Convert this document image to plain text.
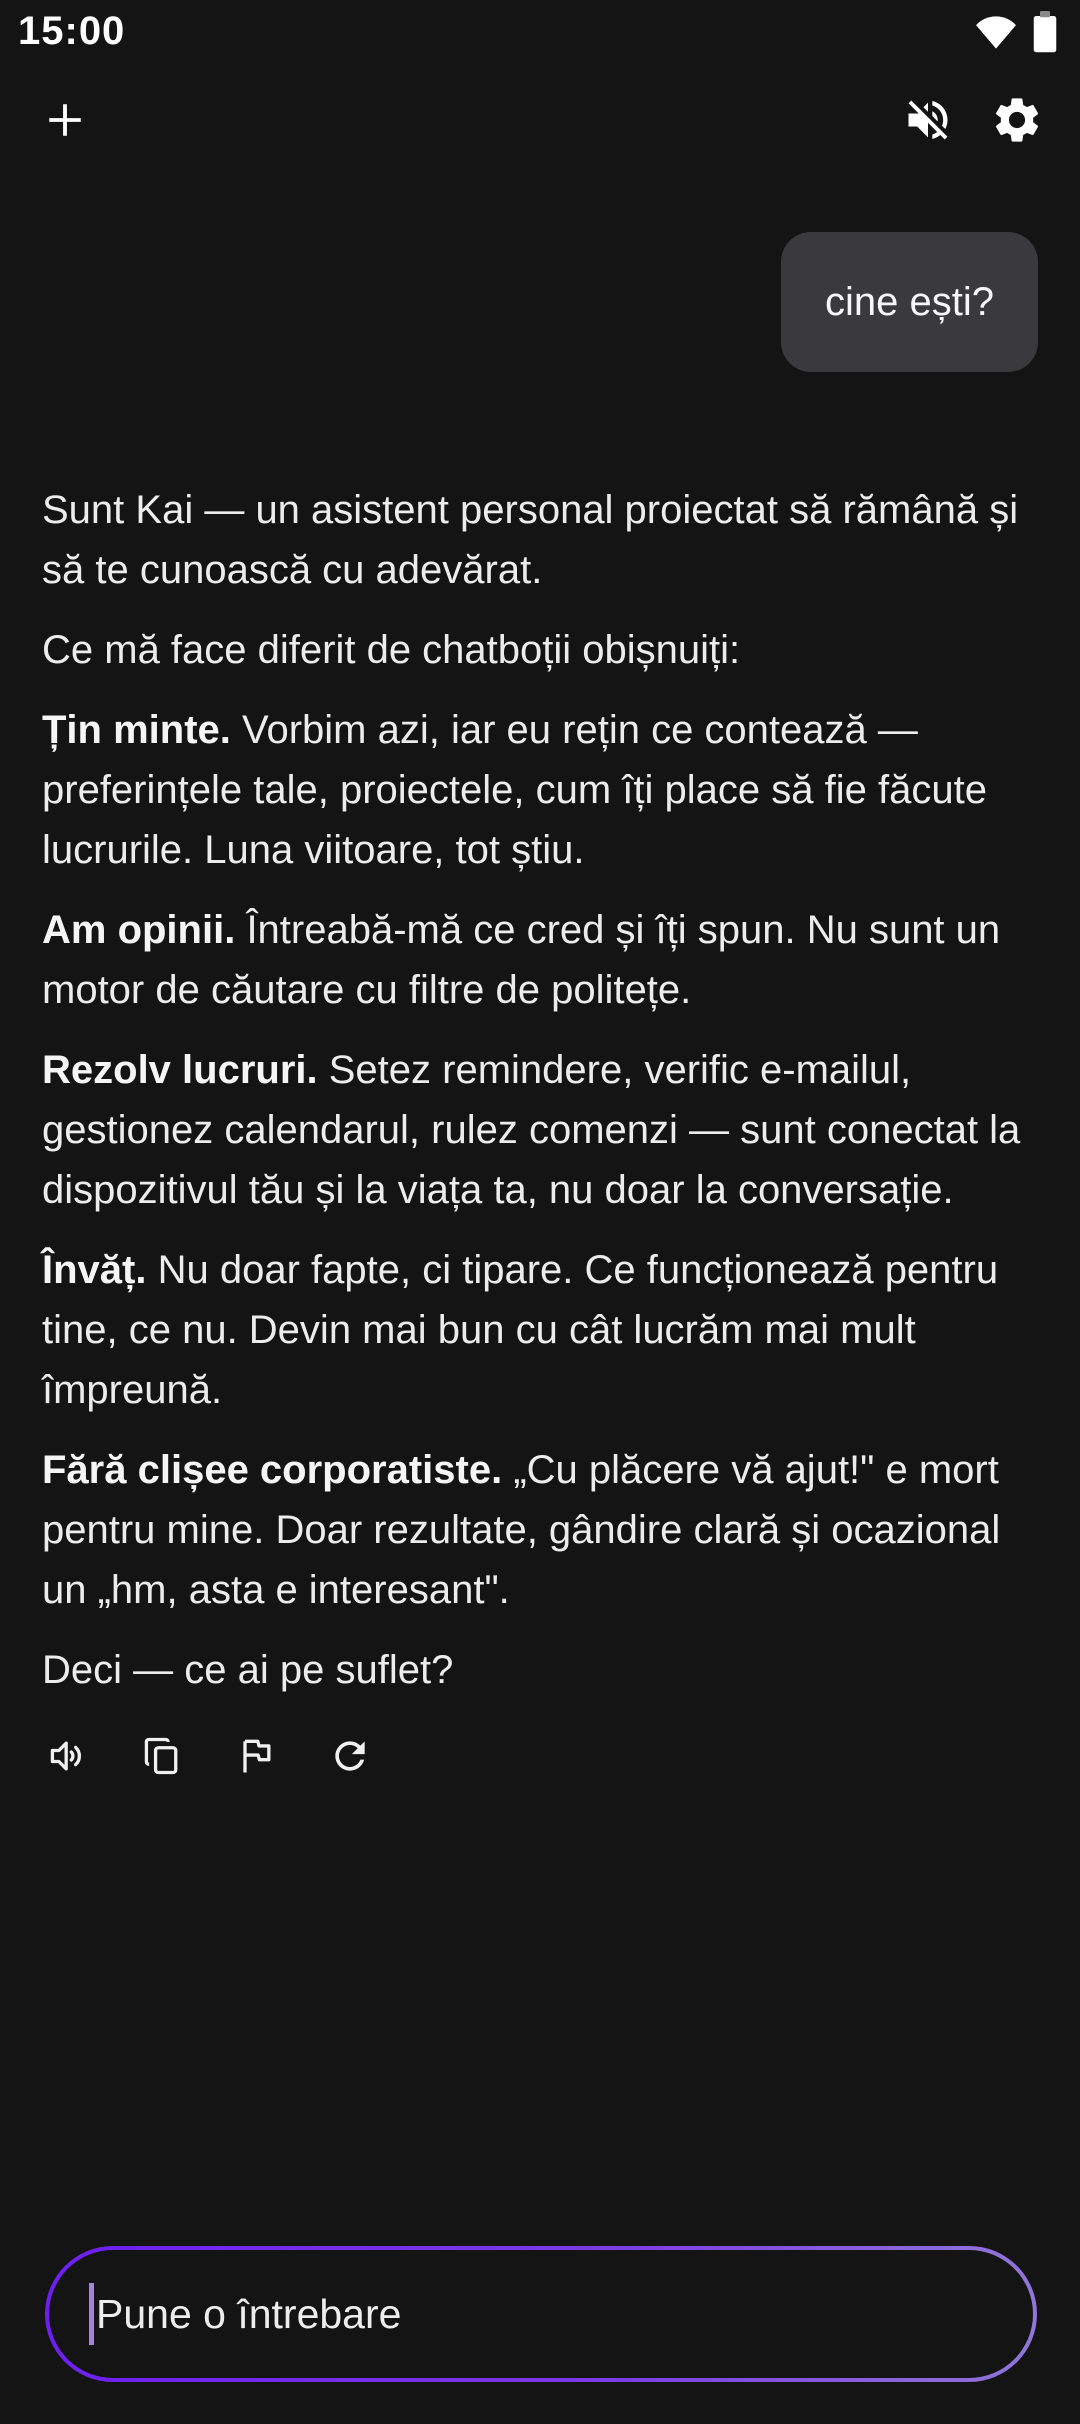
15:00
cine ești?

Sunt Kai — un asistent personal proiectat să rămână și să te cunoască cu adevărat.

Ce mă face diferit de chatboții obișnuiți:

Țin minte. Vorbim azi, iar eu rețin ce contează — preferințele tale, proiectele, cum îți place să fie făcute lucrurile. Luna viitoare, tot știu.

Am opinii. Întreabă-mă ce cred și îți spun. Nu sunt un motor de căutare cu filtre de politețe.

Rezolv lucruri. Setez remindere, verific e-mailul, gestionez calendarul, rulez comenzi — sunt conectat la dispozitivul tău și la viața ta, nu doar la conversație.

Învăț. Nu doar fapte, ci tipare. Ce funcționează pentru tine, ce nu. Devin mai bun cu cât lucrăm mai mult împreună.

Fără clișee corporatiste. „Cu plăcere vă ajut!" e mort pentru mine. Doar rezultate, gândire clară și ocazional un „hm, asta e interesant".

Deci — ce ai pe suflet?

Pune o întrebare
